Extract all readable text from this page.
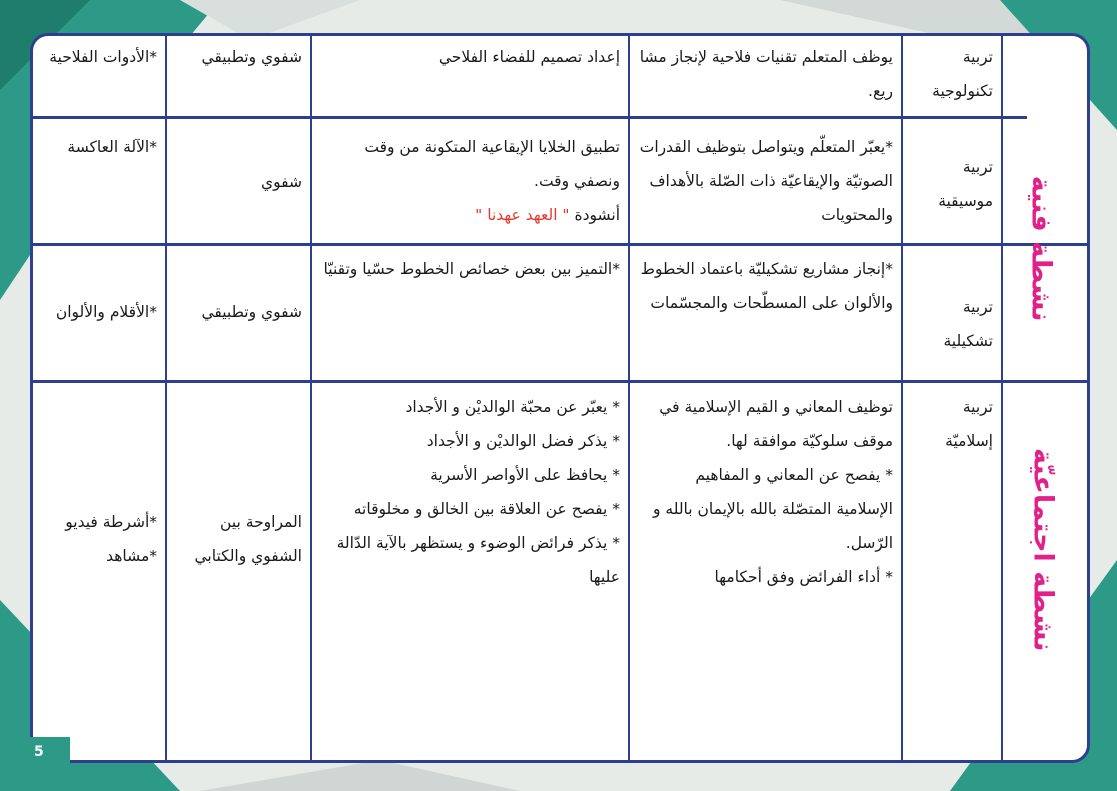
نشطة فنية
نشطة اجتماعيّة
تربية تكنولوجية
يوظف المتعلم تقنيات فلاحية لإنجاز مشا ريع.
إعداد تصميم للفضاء الفلاحي
شفوي وتطبيقي
*الأدوات الفلاحية
تربية موسيقية
*يعبّر المتعلّم ويتواصل بتوظيف القدرات الصوتيّة والإيقاعيّة ذات الصّلة بالأهداف والمحتويات
تطبيق الخلايا الإيقاعية المتكونة من وقت ونصفي وقت.
أنشودة " العهد عهدنا "
شفوي
*الآلة العاكسة
تربية تشكيلية
*إنجاز مشاريع تشكيليّة باعتماد الخطوط والألوان على المسطّحات والمجسّمات
*التميز بين بعض خصائص الخطوط حسّيا وتقنيّا
شفوي وتطبيقي
*الأقلام والألوان
تربية إسلاميّة
توظيف المعاني و القيم الإسلامية في موقف سلوكيّة موافقة لها.
* يفصح عن المعاني و المفاهيم الإسلامية المتصّلة بالله بالإيمان بالله و الرّسل.
* أداء الفرائض وفق أحكامها
* يعبّر عن محبّة الوالديْن و الأجداد
* يذكر فضل الوالديْن و الأجداد
* يحافظ على الأواصر الأسرية
* يفصح عن العلاقة بين الخالق و مخلوقاته
* يذكر فرائض الوضوء و يستظهر بالآية الدّالة عليها
المراوحة بين الشفوي والكتابي
*أشرطة فيديو
*مشاهد
5
